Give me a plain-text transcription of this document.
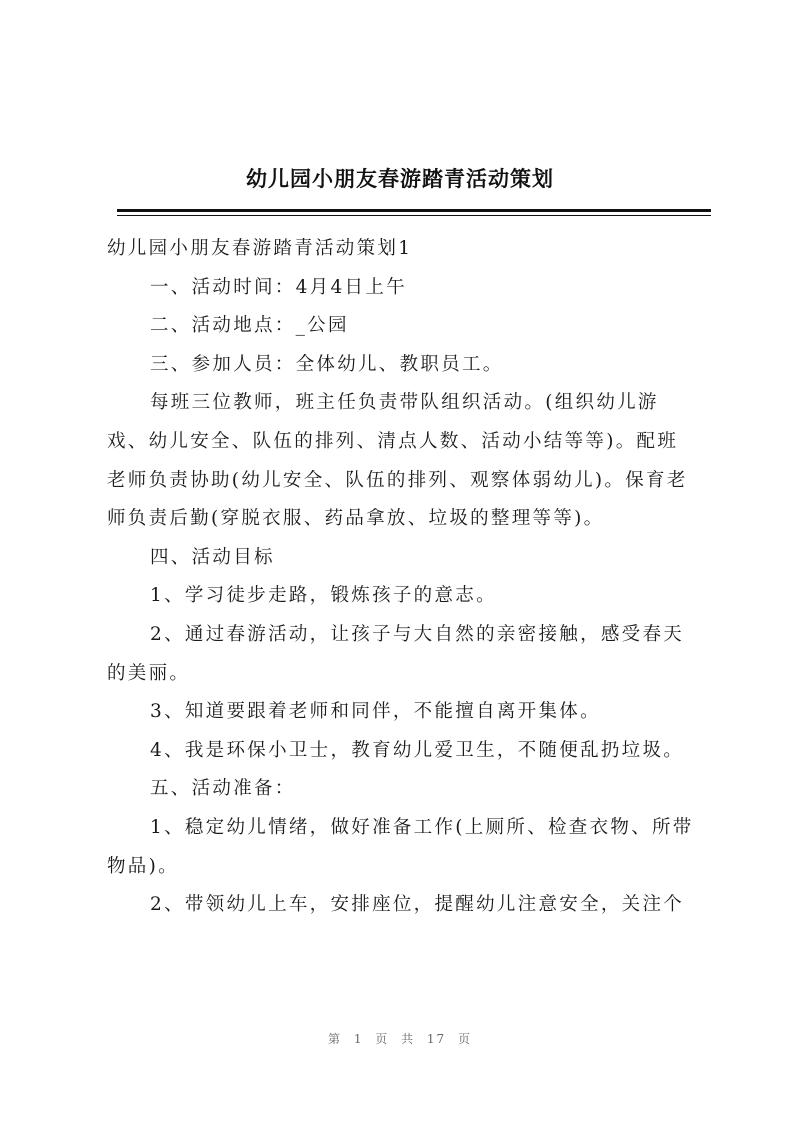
幼儿园小朋友春游踏青活动策划
幼儿园小朋友春游踏青活动策划1
一、活动时间：4月4日上午
二、活动地点：_公园
三、参加人员：全体幼儿、教职员工。
每班三位教师，班主任负责带队组织活动。(组织幼儿游
戏、幼儿安全、队伍的排列、清点人数、活动小结等等)。配班
老师负责协助(幼儿安全、队伍的排列、观察体弱幼儿)。保育老
师负责后勤(穿脱衣服、药品拿放、垃圾的整理等等)。
四、活动目标
1、学习徒步走路，锻炼孩子的意志。
2、通过春游活动，让孩子与大自然的亲密接触，感受春天
的美丽。
3、知道要跟着老师和同伴，不能擅自离开集体。
4、我是环保小卫士，教育幼儿爱卫生，不随便乱扔垃圾。
五、活动准备：
1、稳定幼儿情绪，做好准备工作(上厕所、检查衣物、所带
物品)。
2、带领幼儿上车，安排座位，提醒幼儿注意安全，关注个
第 1 页 共 17 页
